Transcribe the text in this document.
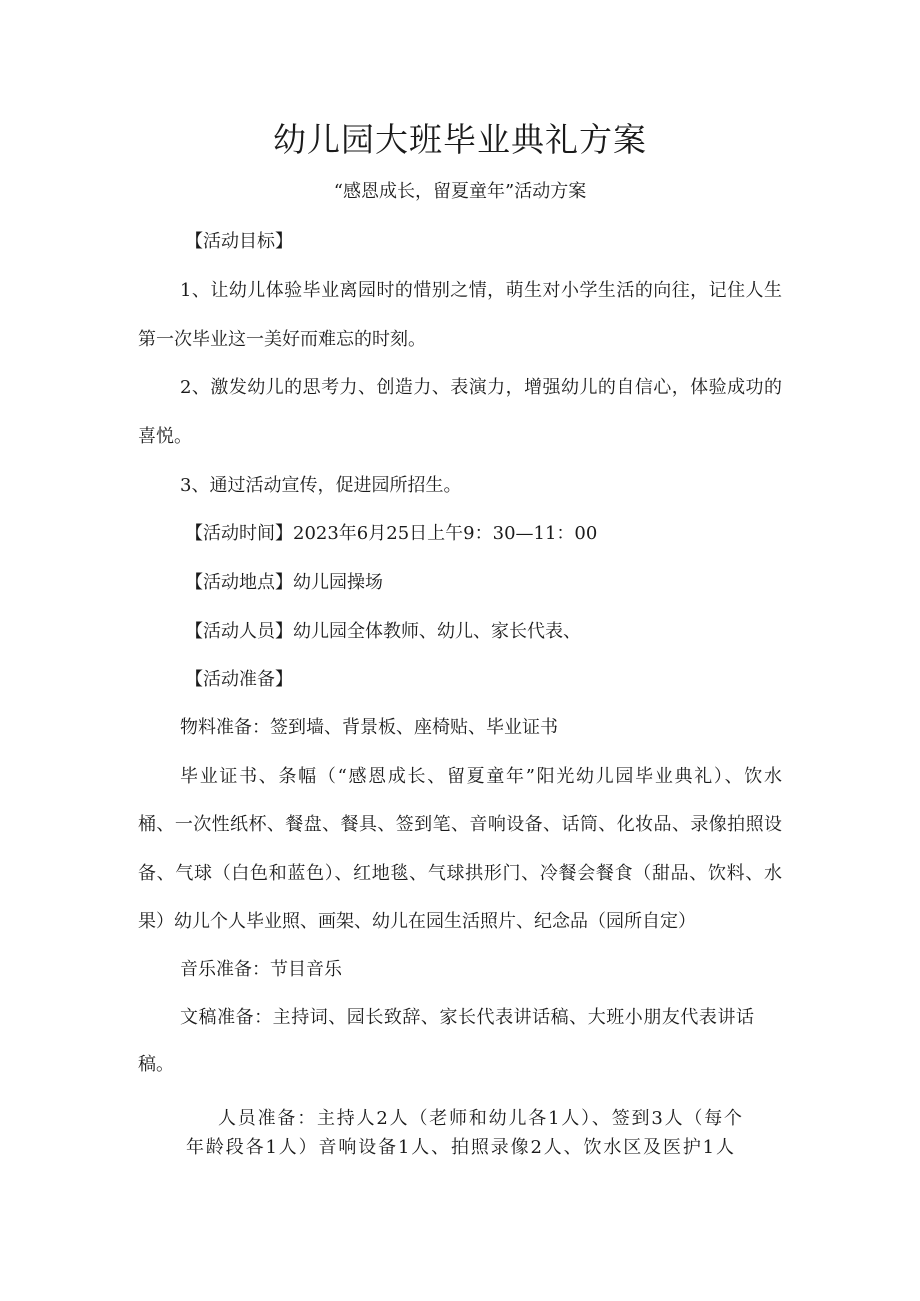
幼儿园大班毕业典礼方案

“感恩成长，留夏童年”活动方案

【活动目标】

1、让幼儿体验毕业离园时的惜别之情，萌生对小学生活的向往，记住人生

第一次毕业这一美好而难忘的时刻。

2、激发幼儿的思考力、创造力、表演力，增强幼儿的自信心，体验成功的

喜悦。

3、通过活动宣传，促进园所招生。

【活动时间】2023年6月25日上午9：30—11：00

【活动地点】幼儿园操场

【活动人员】幼儿园全体教师、幼儿、家长代表、

【活动准备】

物料准备：签到墙、背景板、座椅贴、毕业证书

毕业证书、条幅（“感恩成长、留夏童年”阳光幼儿园毕业典礼）、饮水

桶、一次性纸杯、餐盘、餐具、签到笔、音响设备、话筒、化妆品、录像拍照设

备、气球（白色和蓝色）、红地毯、气球拱形门、冷餐会餐食（甜品、饮料、水

果）幼儿个人毕业照、画架、幼儿在园生活照片、纪念品（园所自定）

音乐准备：节目音乐

文稿准备：主持词、园长致辞、家长代表讲话稿、大班小朋友代表讲话

稿。

人员准备：主持人2人（老师和幼儿各1人）、签到3人（每个

年龄段各1人）音响设备1人、拍照录像2人、饮水区及医护1人
